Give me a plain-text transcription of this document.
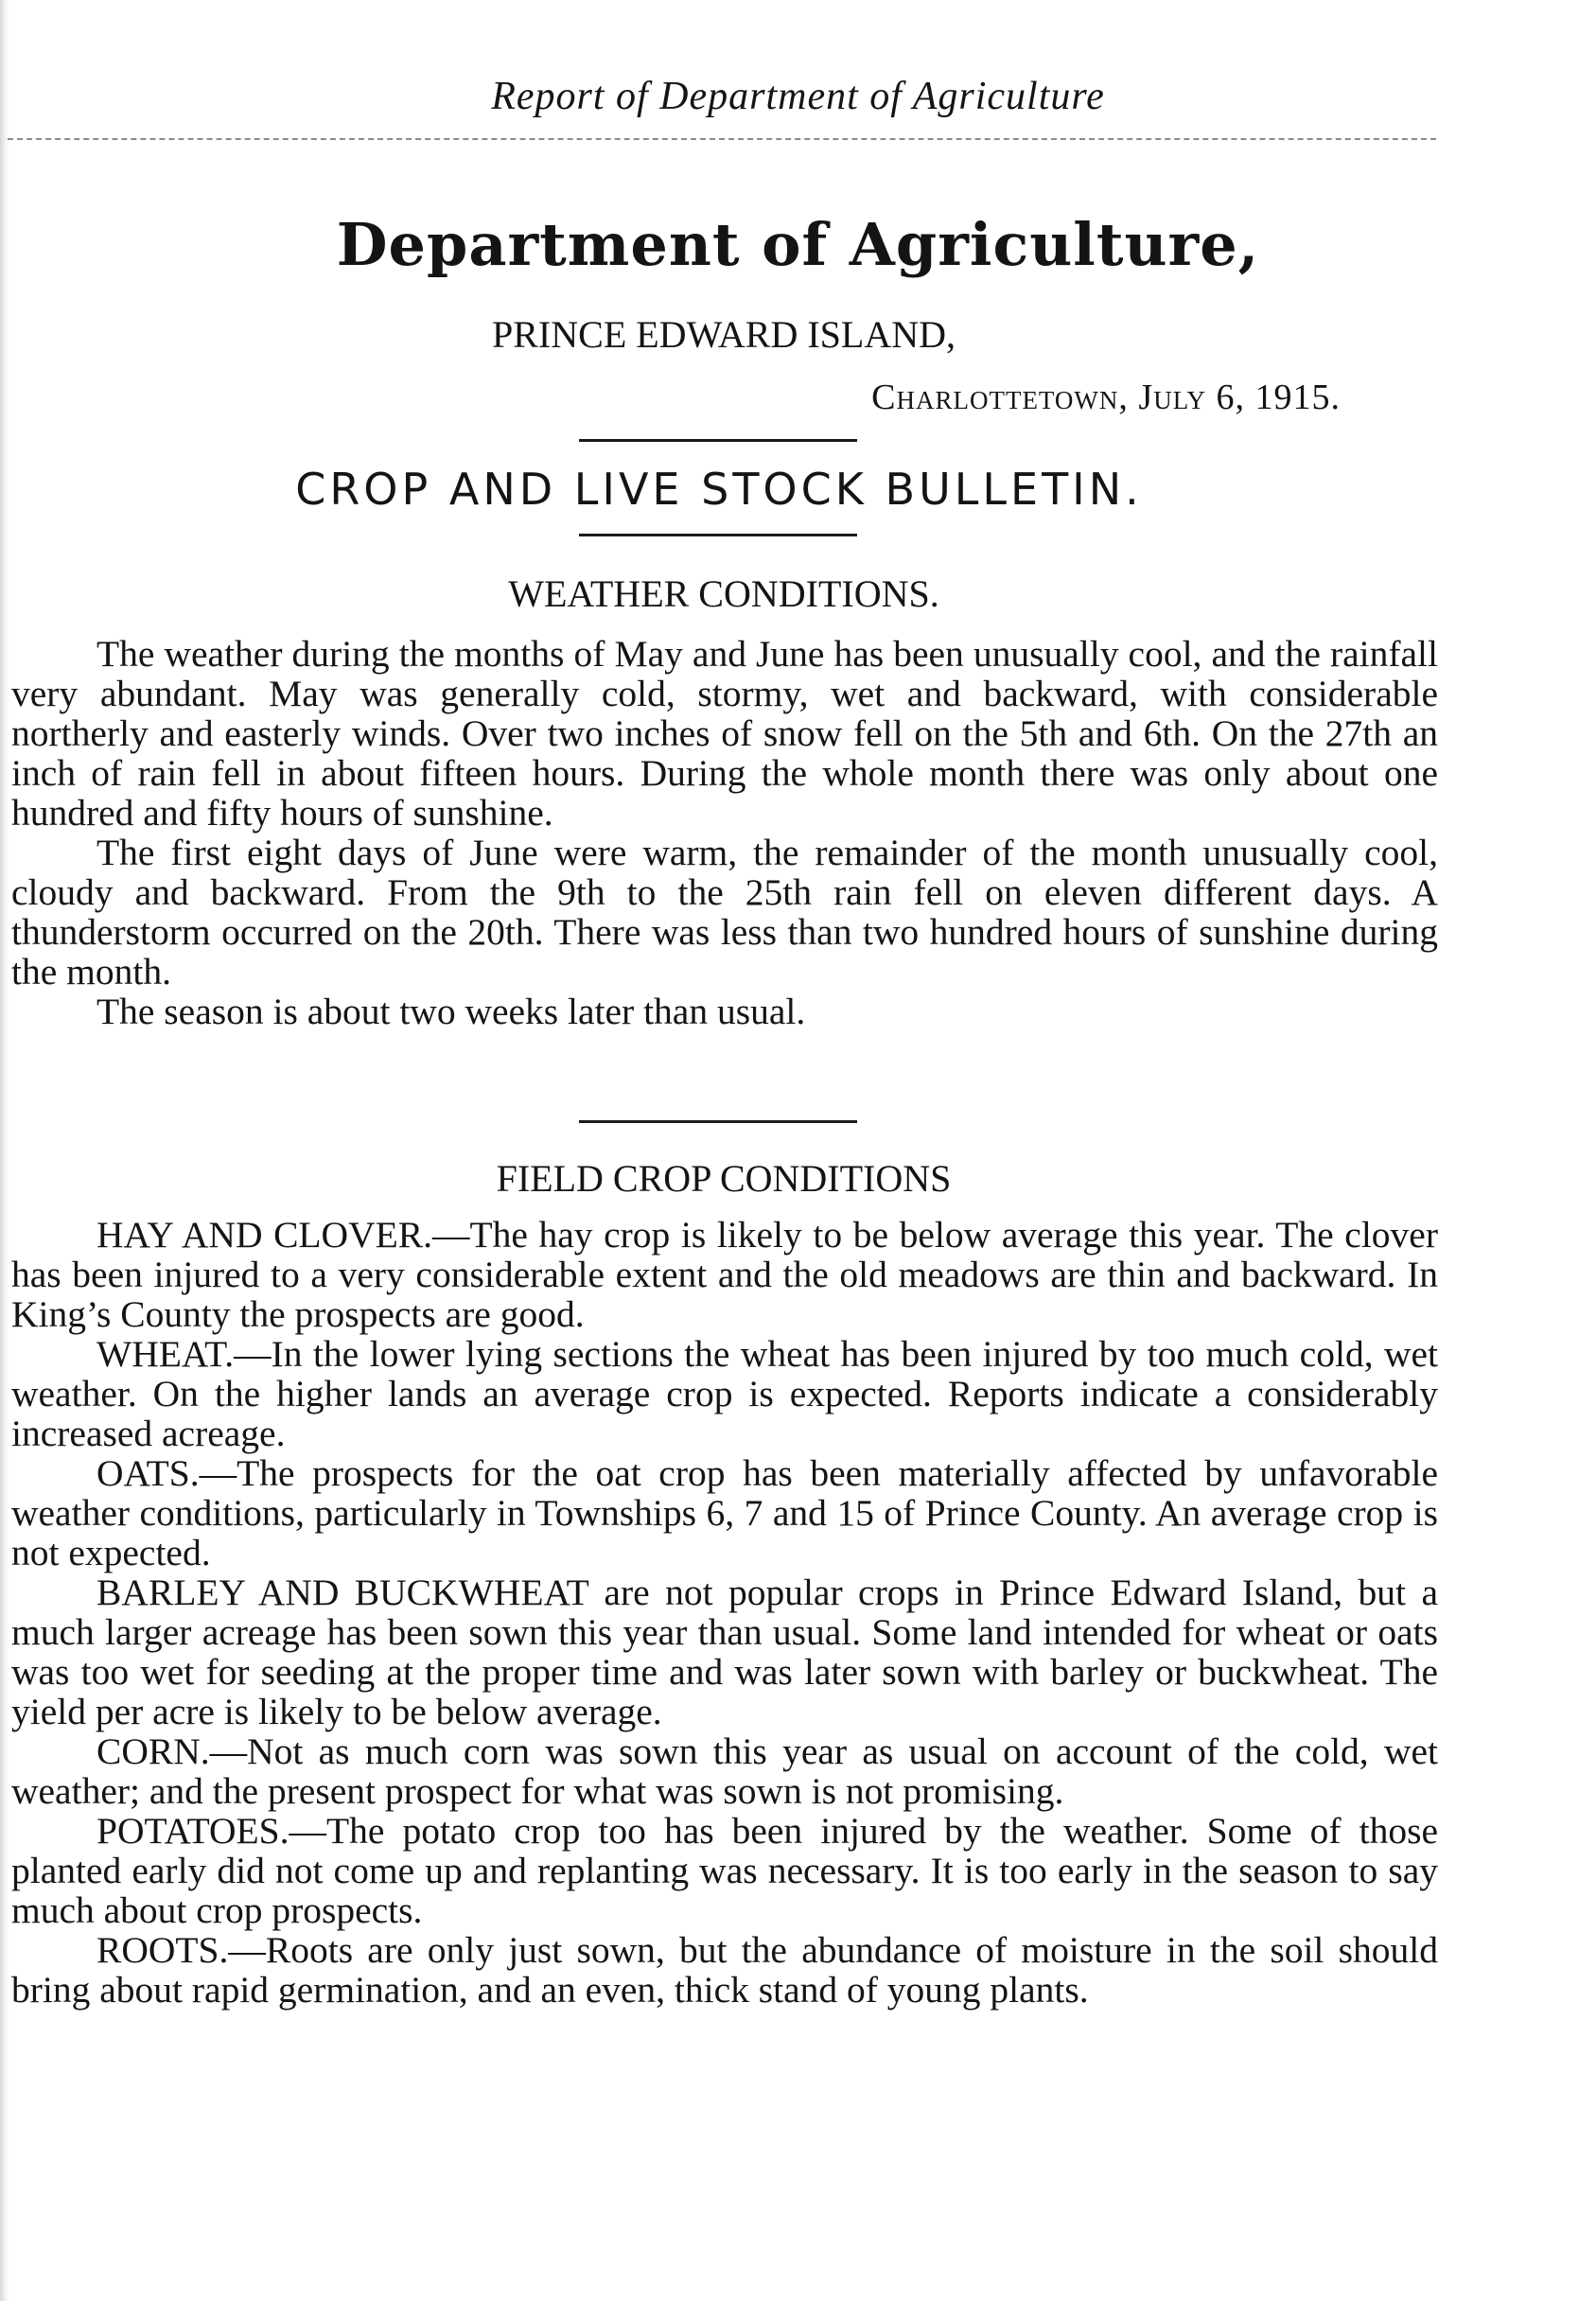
Report of Department of Agriculture
Department of Agriculture,
PRINCE EDWARD ISLAND,
Charlottetown, July 6, 1915.
CROP AND LIVE STOCK BULLETIN.
WEATHER CONDITIONS.

The weather during the months of May and June has been unusually cool, and the rainfall very abundant. May was generally cold, stormy, wet and backward, with considerable northerly and easterly winds. Over two inches of snow fell on the 5th and 6th. On the 27th an inch of rain fell in about fifteen hours. During the whole month there was only about one hundred and fifty hours of sunshine.

The first eight days of June were warm, the remainder of the month unusually cool, cloudy and backward. From the 9th to the 25th rain fell on eleven different days. A thunderstorm occurred on the 20th. There was less than two hundred hours of sunshine during the month.

The season is about two weeks later than usual.

FIELD CROP CONDITIONS

HAY AND CLOVER.—The hay crop is likely to be below average this year. The clover has been injured to a very considerable extent and the old meadows are thin and backward. In King’s County the prospects are good.

WHEAT.—In the lower lying sections the wheat has been injured by too much cold, wet weather. On the higher lands an average crop is expected. Reports indicate a considerably increased acreage.

OATS.—The prospects for the oat crop has been materially affected by unfavorable weather conditions, particularly in Townships 6, 7 and 15 of Prince County. An average crop is not expected.

BARLEY AND BUCKWHEAT are not popular crops in Prince Edward Island, but a much larger acreage has been sown this year than usual. Some land intended for wheat or oats was too wet for seeding at the proper time and was later sown with barley or buckwheat. The yield per acre is likely to be below average.

CORN.—Not as much corn was sown this year as usual on account of the cold, wet weather; and the present prospect for what was sown is not promising.

POTATOES.—The potato crop too has been injured by the weather. Some of those planted early did not come up and replanting was necessary. It is too early in the season to say much about crop prospects.

ROOTS.—Roots are only just sown, but the abundance of moisture in the soil should bring about rapid germination, and an even, thick stand of young plants.
